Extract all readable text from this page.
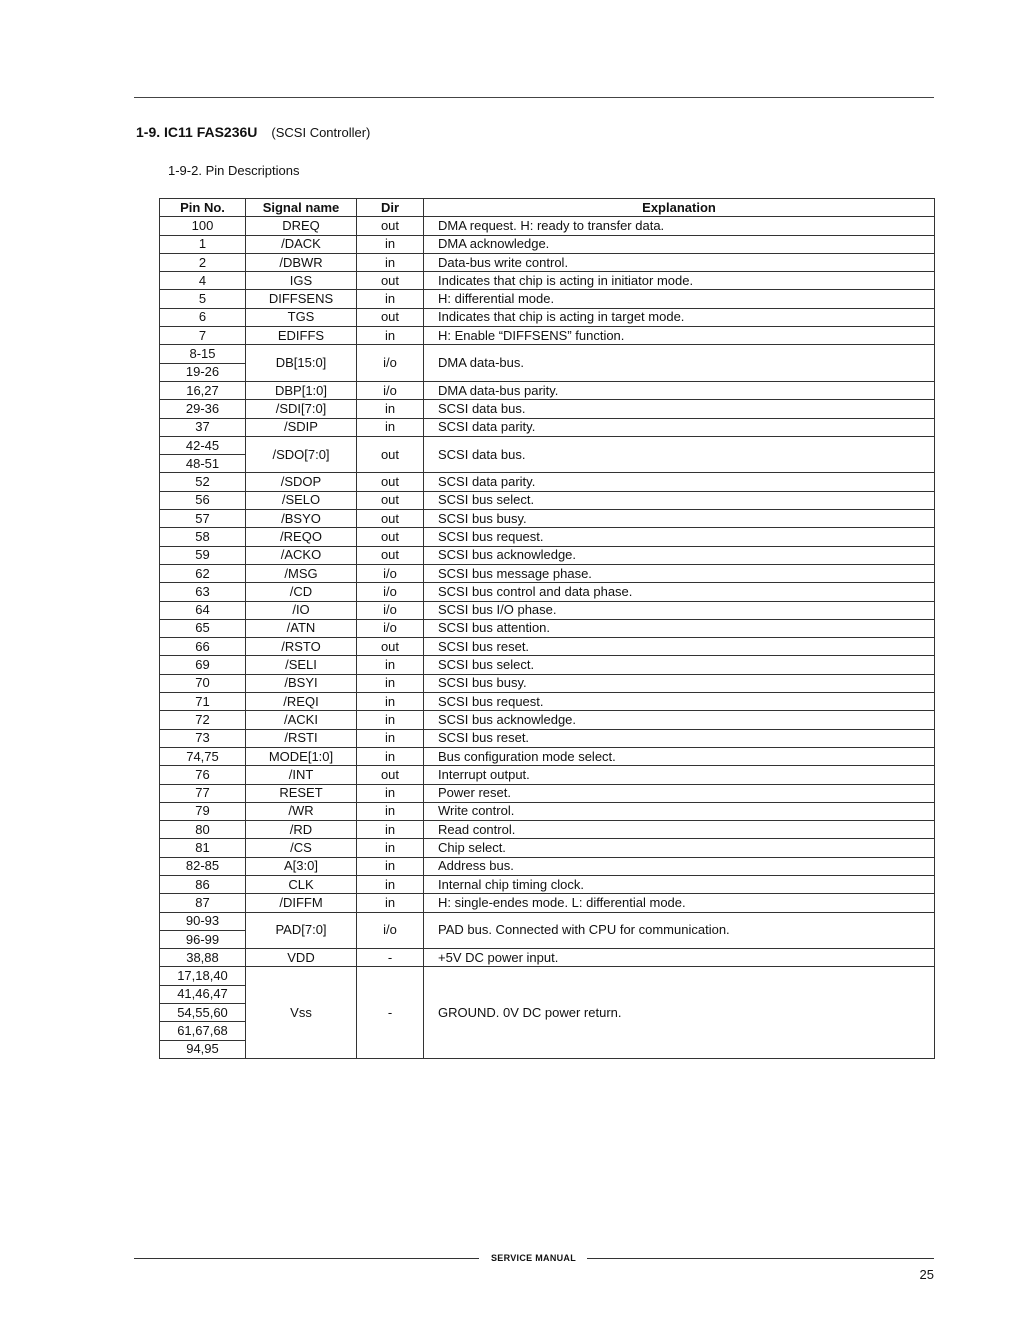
1-9. IC11 FAS236U (SCSI Controller)
1-9-2. Pin Descriptions
Pin No.	Signal name	Dir	Explanation
100	DREQ	out	DMA request. H: ready to transfer data.
1	/DACK	in	DMA acknowledge.
2	/DBWR	in	Data-bus write control.
4	IGS	out	Indicates that chip is acting in initiator mode.
5	DIFFSENS	in	H: differential mode.
6	TGS	out	Indicates that chip is acting in target mode.
7	EDIFFS	in	H: Enable “DIFFSENS” function.
8-15	DB[15:0]	i/o	DMA data-bus.
19-26			
16,27	DBP[1:0]	i/o	DMA data-bus parity.
29-36	/SDI[7:0]	in	SCSI data bus.
37	/SDIP	in	SCSI data parity.
42-45	/SDO[7:0]	out	SCSI data bus.
48-51			
52	/SDOP	out	SCSI data parity.
56	/SELO	out	SCSI bus select.
57	/BSYO	out	SCSI bus busy.
58	/REQO	out	SCSI bus request.
59	/ACKO	out	SCSI bus acknowledge.
62	/MSG	i/o	SCSI bus message phase.
63	/CD	i/o	SCSI bus control and data phase.
64	/IO	i/o	SCSI bus I/O phase.
65	/ATN	i/o	SCSI bus attention.
66	/RSTO	out	SCSI bus reset.
69	/SELI	in	SCSI bus select.
70	/BSYI	in	SCSI bus busy.
71	/REQI	in	SCSI bus request.
72	/ACKI	in	SCSI bus acknowledge.
73	/RSTI	in	SCSI bus reset.
74,75	MODE[1:0]	in	Bus configuration mode select.
76	/INT	out	Interrupt output.
77	RESET	in	Power reset.
79	/WR	in	Write control.
80	/RD	in	Read control.
81	/CS	in	Chip select.
82-85	A[3:0]	in	Address bus.
86	CLK	in	Internal chip timing clock.
87	/DIFFM	in	H: single-endes mode. L: differential mode.
90-93	PAD[7:0]	i/o	PAD bus. Connected with CPU for communication.
96-99			
38,88	VDD	-	+5V DC power input.
17,18,40	Vss	-	GROUND. 0V DC power return.
41,46,47			
54,55,60			
61,67,68			
94,95			
SERVICE MANUAL
25
